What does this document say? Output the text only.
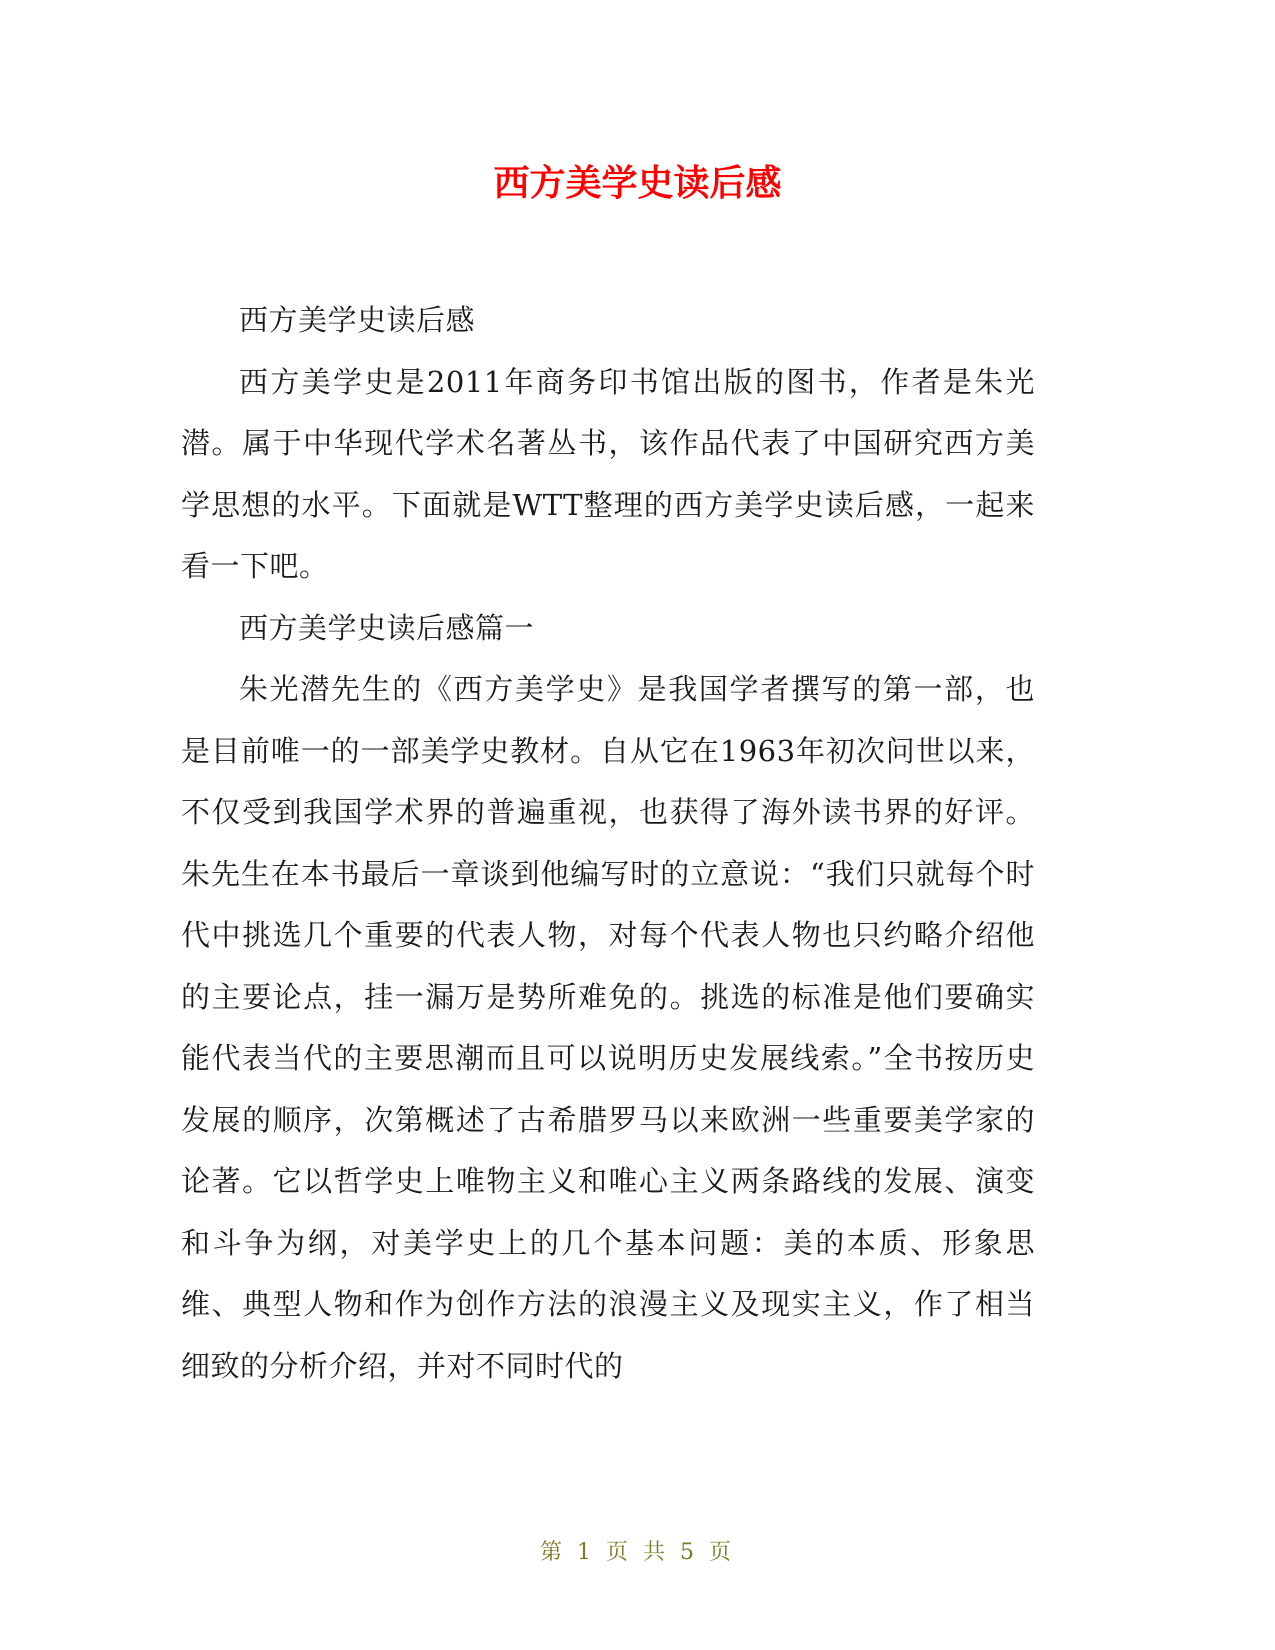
西方美学史读后感

西方美学史读后感

西方美学史是2011年商务印书馆出版的图书，作者是朱光潜。属于中华现代学术名著丛书，该作品代表了中国研究西方美学思想的水平。下面就是WTT整理的西方美学史读后感，一起来看一下吧。

西方美学史读后感篇一

朱光潜先生的《西方美学史》是我国学者撰写的第一部，也是目前唯一的一部美学史教材。自从它在1963年初次问世以来，不仅受到我国学术界的普遍重视，也获得了海外读书界的好评。朱先生在本书最后一章谈到他编写时的立意说：“我们只就每个时代中挑选几个重要的代表人物，对每个代表人物也只约略介绍他的主要论点，挂一漏万是势所难免的。挑选的标准是他们要确实能代表当代的主要思潮而且可以说明历史发展线索。”全书按历史发展的顺序，次第概述了古希腊罗马以来欧洲一些重要美学家的论著。它以哲学史上唯物主义和唯心主义两条路线的发展、演变和斗争为纲，对美学史上的几个基本问题：美的本质、形象思维、典型人物和作为创作方法的浪漫主义及现实主义，作了相当细致的分析介绍，并对不同时代的

第 1 页 共 5 页
